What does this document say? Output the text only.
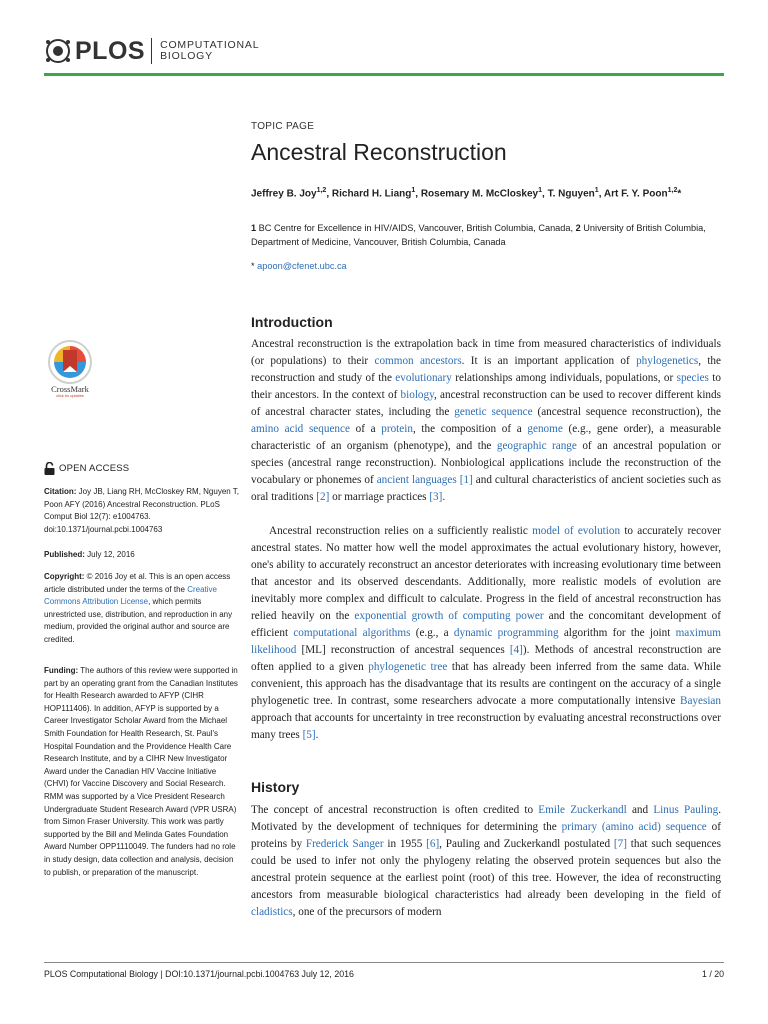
PLOS COMPUTATIONAL
BIOLOGY
TOPIC PAGE
Ancestral Reconstruction

Jeffrey B. Joy$^{1,2}$, Richard H. Liang$^1$, Rosemary M. McCloskey$^1$, T. Nguyen$^1$, Art F. Y. Poon$^{1,2}$*

1 BC Centre for Excellence in HIV/AIDS, Vancouver, British Columbia, Canada, 2 University of British Columbia, Department of Medicine, Vancouver, British Columbia, Canada

* apoon@cfenet.ubc.ca
CrossMark
click for updates
OPEN ACCESS

Citation: Joy JB, Liang RH, McCloskey RM, Nguyen T, Poon AFY (2016) Ancestral Reconstruction. PLoS Comput Biol 12(7): e1004763. doi:10.1371/journal.pcbi.1004763

Published: July 12, 2016

Copyright: © 2016 Joy et al. This is an open access article distributed under the terms of the Creative Commons Attribution License, which permits unrestricted use, distribution, and reproduction in any medium, provided the original author and source are credited.

Funding: The authors of this review were supported in part by an operating grant from the Canadian Institutes for Health Research awarded to AFYP (CIHR HOP111406). In addition, AFYP is supported by a Career Investigator Scholar Award from the Michael Smith Foundation for Health Research, St. Paul's Hospital Foundation and the Providence Health Care Research Institute, and by a CIHR New Investigator Award under the Canadian HIV Vaccine Initiative (CHVI) for Vaccine Discovery and Social Research. RMM was supported by a Vice President Research Undergraduate Student Research Award (VPR USRA) from Simon Fraser University. This work was partly supported by the Bill and Melinda Gates Foundation Award Number OPP1110049. The funders had no role in study design, data collection and analysis, decision to publish, or preparation of the manuscript.

Introduction

Ancestral reconstruction is the extrapolation back in time from measured characteristics of individuals (or populations) to their common ancestors. It is an important application of phylogenetics, the reconstruction and study of the evolutionary relationships among individuals, populations, or species to their ancestors. In the context of biology, ancestral reconstruction can be used to recover different kinds of ancestral character states, including the genetic sequence (ancestral sequence reconstruction), the amino acid sequence of a protein, the composition of a genome (e.g., gene order), a measurable characteristic of an organism (phenotype), and the geographic range of an ancestral population or species (ancestral range reconstruction). Nonbiological applications include the reconstruction of the vocabulary or phonemes of ancient languages [1] and cultural characteristics of ancient societies such as oral traditions [2] or marriage practices [3].

Ancestral reconstruction relies on a sufficiently realistic model of evolution to accurately recover ancestral states. No matter how well the model approximates the actual evolutionary history, however, one's ability to accurately reconstruct an ancestor deteriorates with increasing evolutionary time between that ancestor and its observed descendants. Additionally, more realistic models of evolution are inevitably more complex and difficult to calculate. Progress in the field of ancestral reconstruction has relied heavily on the exponential growth of computing power and the concomitant development of efficient computational algorithms (e.g., a dynamic programming algorithm for the joint maximum likelihood [ML] reconstruction of ancestral sequences [4]). Methods of ancestral reconstruction are often applied to a given phylogenetic tree that has already been inferred from the same data. While convenient, this approach has the disadvantage that its results are contingent on the accuracy of a single phylogenetic tree. In contrast, some researchers advocate a more computationally intensive Bayesian approach that accounts for uncertainty in tree reconstruction by evaluating ancestral reconstructions over many trees [5].

History

The concept of ancestral reconstruction is often credited to Emile Zuckerkandl and Linus Pauling. Motivated by the development of techniques for determining the primary (amino acid) sequence of proteins by Frederick Sanger in 1955 [6], Pauling and Zuckerkandl postulated [7] that such sequences could be used to infer not only the phylogeny relating the observed protein sequences but also the ancestral protein sequence at the earliest point (root) of this tree. However, the idea of reconstructing ancestors from measurable biological characteristics had already been developing in the field of cladistics, one of the precursors of modern

PLOS Computational Biology | DOI:10.1371/journal.pcbi.1004763 July 12, 2016	1 / 20
